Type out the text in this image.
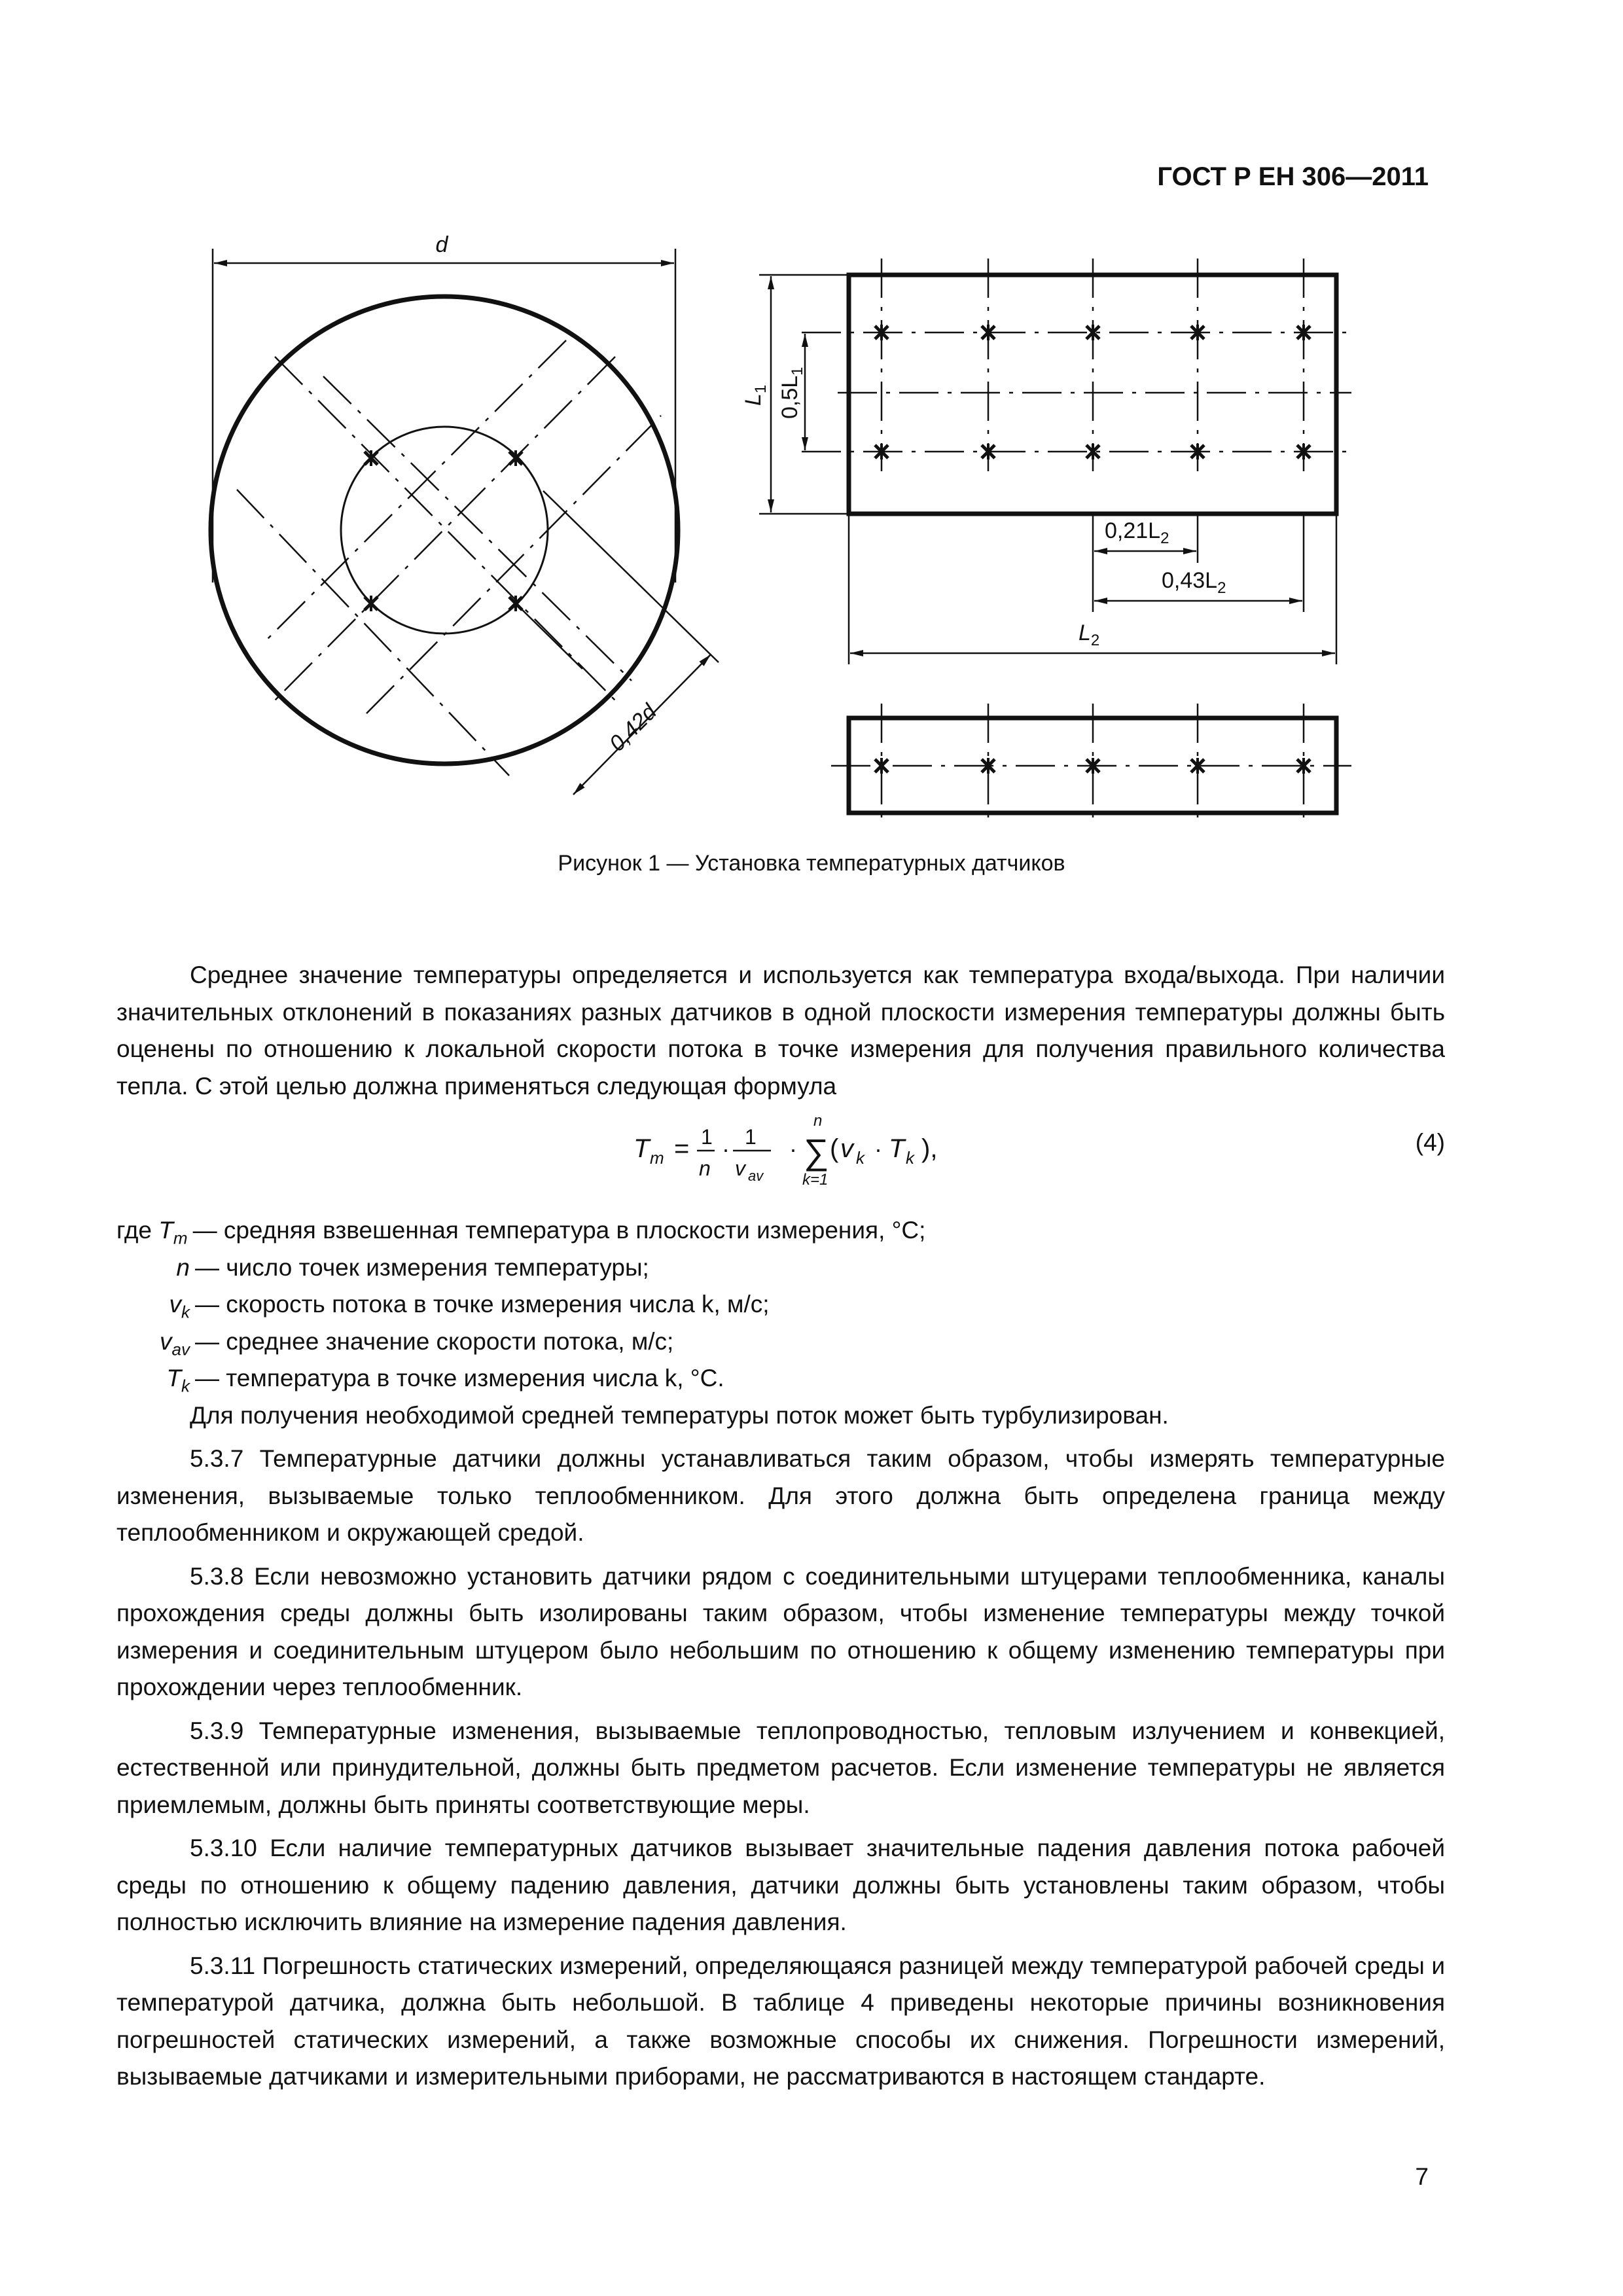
ГОСТ Р ЕН 306—2011

d
0,42d
$L_1$ $0,5L_1$
$0,21L_2$
$0,43L_2$
$L_2$

Рисунок 1 — Установка температурных датчиков

Среднее значение температуры определяется и используется как температура входа/выхода. При наличии значительных отклонений в показаниях разных датчиков в одной плоскости измерения температуры должны быть оценены по отношению к локальной скорости потока в точке измерения для получения правильного количества тепла. С этой целью должна применяться следующая формула

T m = 1
n
· 1
v av
·
n
∑
k=1
( v k · T k ),	(4)
где $T_m$ — средняя взвешенная температура в плоскости измерения, °С;
n — число точек измерения температуры;
$v_k$ — скорость потока в точке измерения числа k, м/с;
$v_{av}$ — среднее значение скорости потока, м/с;
$T_k$ — температура в точке измерения числа k, °С.

Для получения необходимой средней температуры поток может быть турбулизирован.

5.3.7 Температурные датчики должны устанавливаться таким образом, чтобы измерять температурные изменения, вызываемые только теплообменником. Для этого должна быть определена граница между теплообменником и окружающей средой.

5.3.8 Если невозможно установить датчики рядом с соединительными штуцерами теплообменника, каналы прохождения среды должны быть изолированы таким образом, чтобы изменение температуры между точкой измерения и соединительным штуцером было небольшим по отношению к общему изменению температуры при прохождении через теплообменник.

5.3.9 Температурные изменения, вызываемые теплопроводностью, тепловым излучением и конвекцией, естественной или принудительной, должны быть предметом расчетов. Если изменение температуры не является приемлемым, должны быть приняты соответствующие меры.

5.3.10 Если наличие температурных датчиков вызывает значительные падения давления потока рабочей среды по отношению к общему падению давления, датчики должны быть установлены таким образом, чтобы полностью исключить влияние на измерение падения давления.

5.3.11 Погрешность статических измерений, определяющаяся разницей между температурой рабочей среды и температурой датчика, должна быть небольшой. В таблице 4 приведены некоторые причины возникновения погрешностей статических измерений, а также возможные способы их снижения. Погрешности измерений, вызываемые датчиками и измерительными приборами, не рассматриваются в настоящем стандарте.

7
